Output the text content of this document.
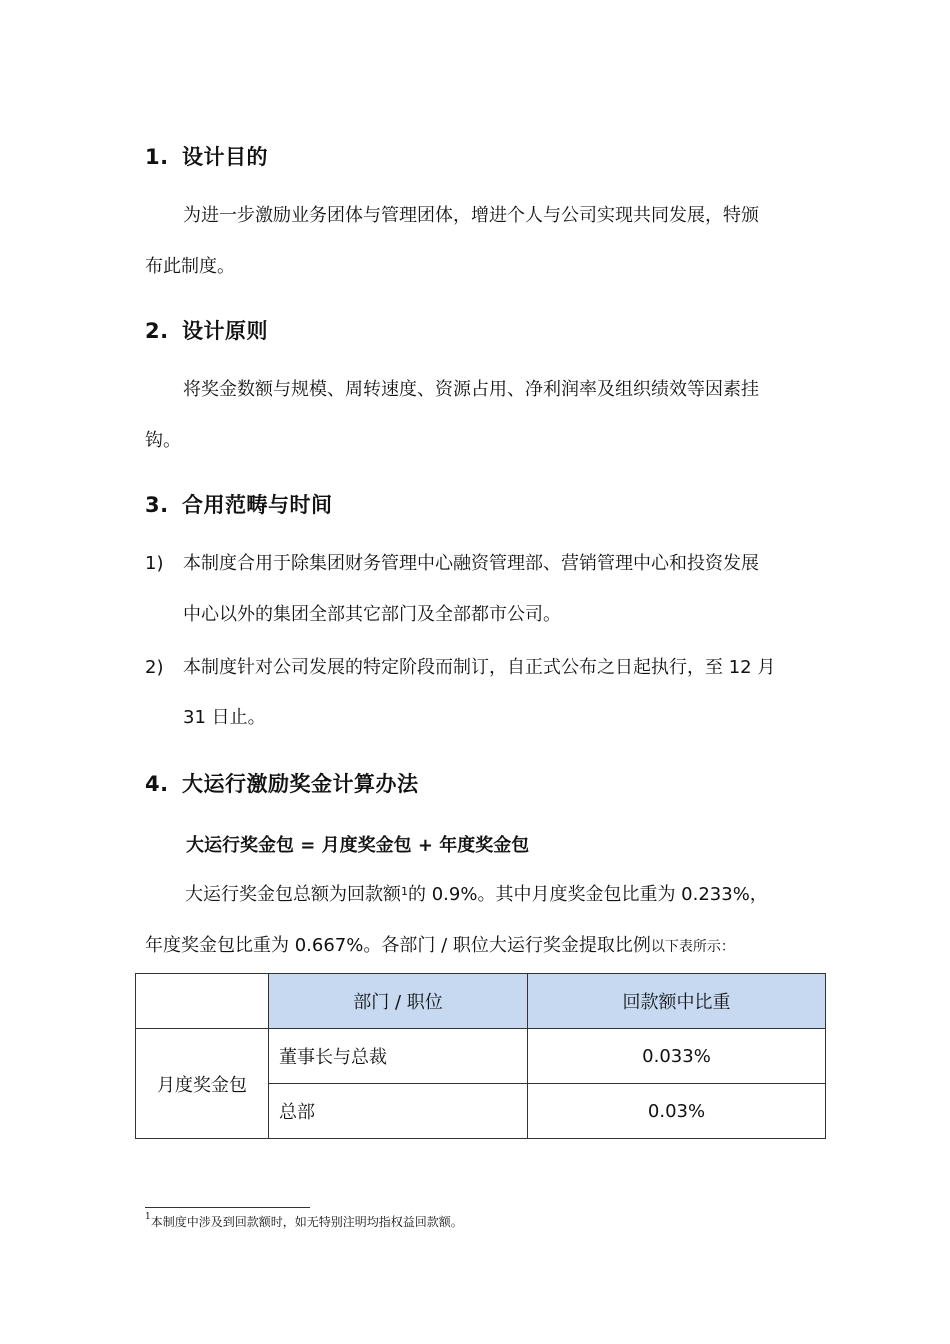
1. 设计目的
为进一步激励业务团体与管理团体，增进个人与公司实现共同发展，特颁
布此制度。
2. 设计原则
将奖金数额与规模、周转速度、资源占用、净利润率及组织绩效等因素挂
钩。
3. 合用范畴与时间
1) 本制度合用于除集团财务管理中心融资管理部、营销管理中心和投资发展
中心以外的集团全部其它部门及全部都市公司。
2) 本制度针对公司发展的特定阶段而制订，自正式公布之日起执行，至 12 月
31 日止。
4. 大运行激励奖金计算办法
大运行奖金包 = 月度奖金包 + 年度奖金包
大运行奖金包总额为回款额$^1$的 0.9%。其中月度奖金包比重为 0.233%，
年度奖金包比重为 0.667%。各部门 / 职位大运行奖金提取比例以下表所示：
	部门 / 职位	回款额中比重
月度奖金包	董事长与总裁	0.033%
	总部	0.03%
$^1$本制度中涉及到回款额时，如无特别注明均指权益回款额。
